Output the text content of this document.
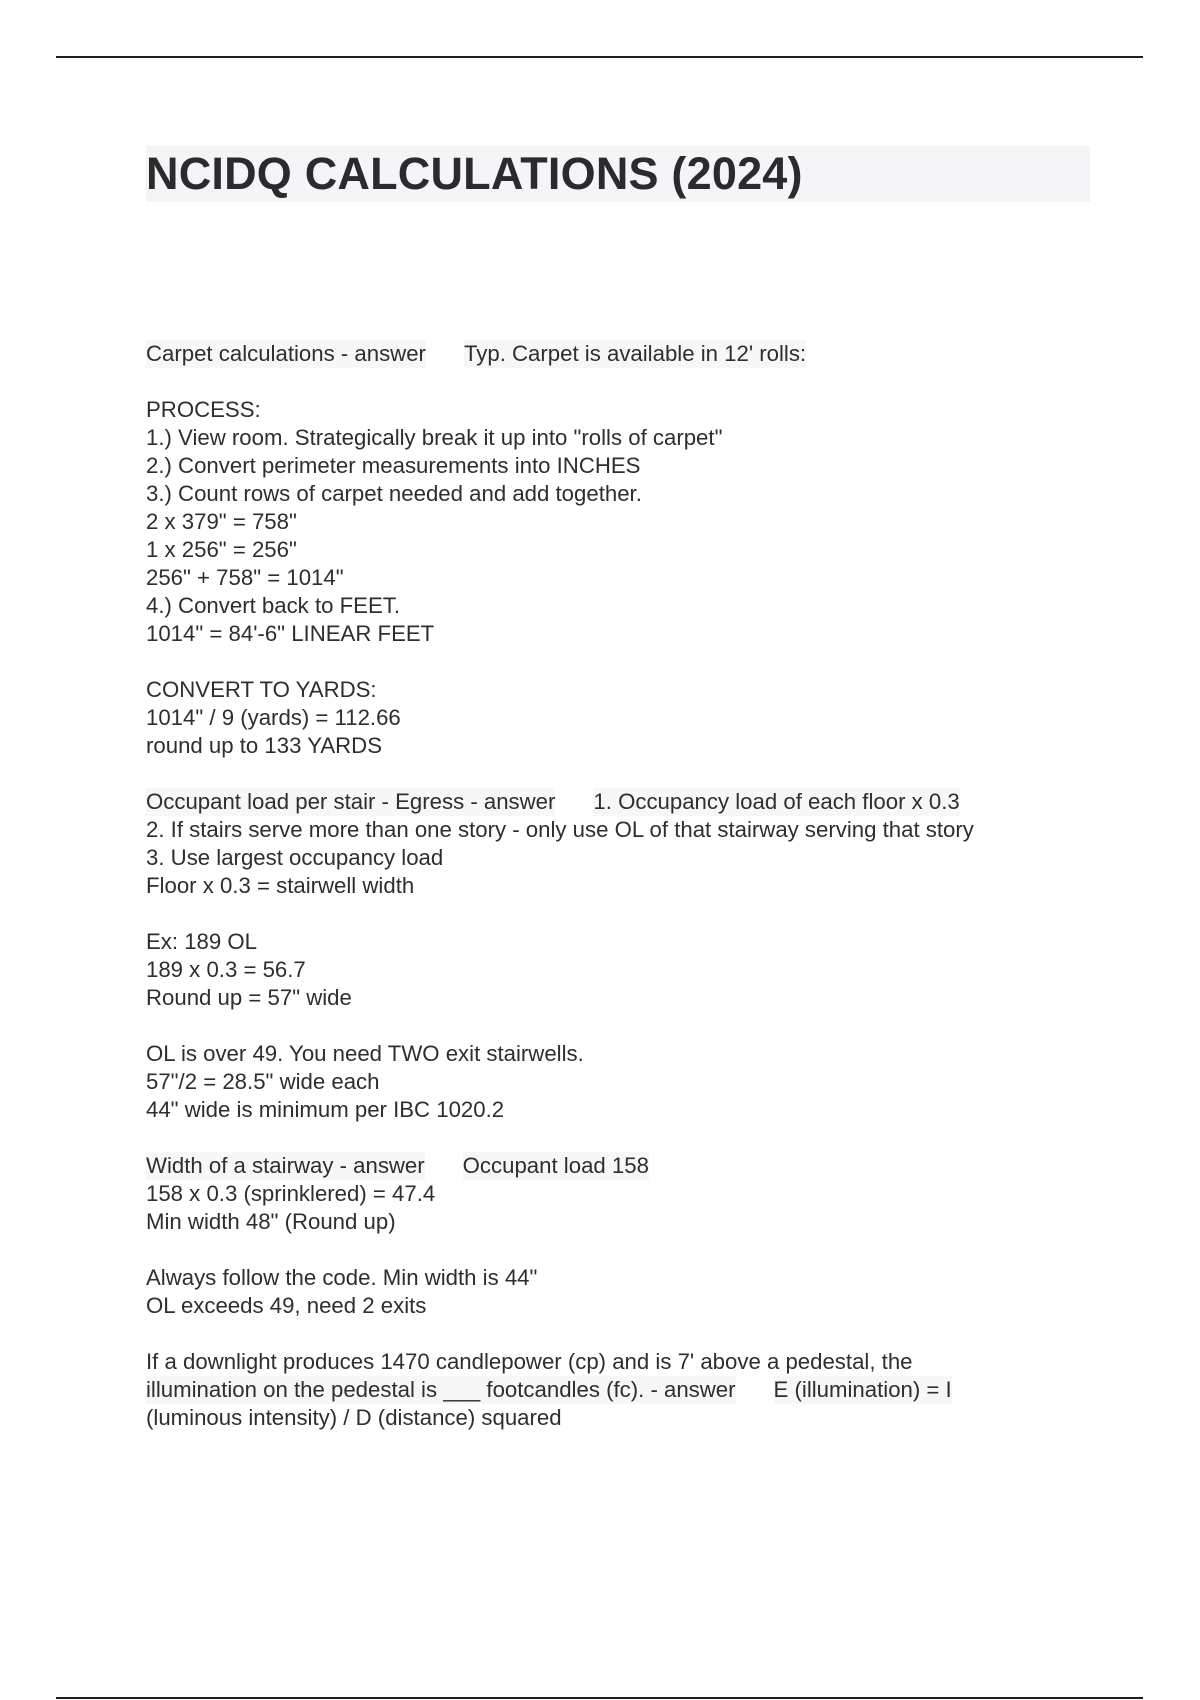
NCIDQ CALCULATIONS (2024)
Carpet calculations - answer Typ. Carpet is available in 12' rolls:
PROCESS:
1.) View room. Strategically break it up into "rolls of carpet"
2.) Convert perimeter measurements into INCHES
3.) Count rows of carpet needed and add together.
2 x 379" = 758"
1 x 256" = 256"
256" + 758" = 1014"
4.) Convert back to FEET.
1014" = 84'-6" LINEAR FEET
CONVERT TO YARDS:
1014" / 9 (yards) = 112.66
round up to 133 YARDS
Occupant load per stair - Egress - answer 1. Occupancy load of each floor x 0.3
2. If stairs serve more than one story - only use OL of that stairway serving that story
3. Use largest occupancy load
Floor x 0.3 = stairwell width
Ex: 189 OL
189 x 0.3 = 56.7
Round up = 57" wide
OL is over 49. You need TWO exit stairwells.
57"/2 = 28.5" wide each
44" wide is minimum per IBC 1020.2
Width of a stairway - answer Occupant load 158
158 x 0.3 (sprinklered) = 47.4
Min width 48" (Round up)
Always follow the code. Min width is 44"
OL exceeds 49, need 2 exits
If a downlight produces 1470 candlepower (cp) and is 7' above a pedestal, the
illumination on the pedestal is ___ footcandles (fc). - answer E (illumination) = I
(luminous intensity) / D (distance) squared
